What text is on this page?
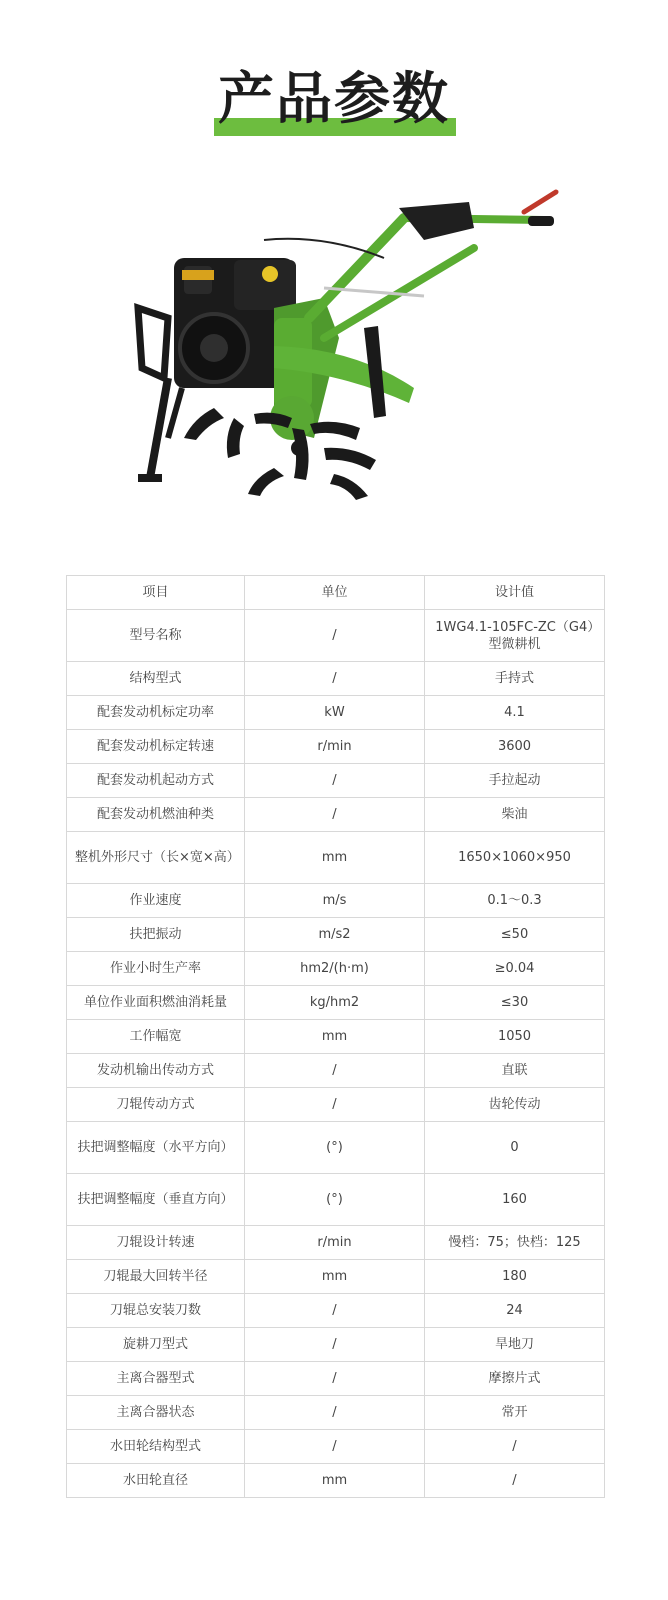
产品参数
项目	单位	设计值
型号名称	/	1WG4.1-105FC-ZC（G4）型微耕机
结构型式	/	手持式
配套发动机标定功率	kW	4.1
配套发动机标定转速	r/min	3600
配套发动机起动方式	/	手拉起动
配套发动机燃油种类	/	柴油
整机外形尺寸（长×宽×高）	mm	1650×1060×950
作业速度	m/s	0.1～0.3
扶把振动	m/s2	≤50
作业小时生产率	hm2/(h·m)	≥0.04
单位作业面积燃油消耗量	kg/hm2	≤30
工作幅宽	mm	1050
发动机输出传动方式	/	直联
刀辊传动方式	/	齿轮传动
扶把调整幅度（水平方向）	(°)	0
扶把调整幅度（垂直方向）	(°)	160
刀辊设计转速	r/min	慢档：75；快档：125
刀辊最大回转半径	mm	180
刀辊总安装刀数	/	24
旋耕刀型式	/	旱地刀
主离合器型式	/	摩擦片式
主离合器状态	/	常开
水田轮结构型式	/	/
水田轮直径	mm	/
